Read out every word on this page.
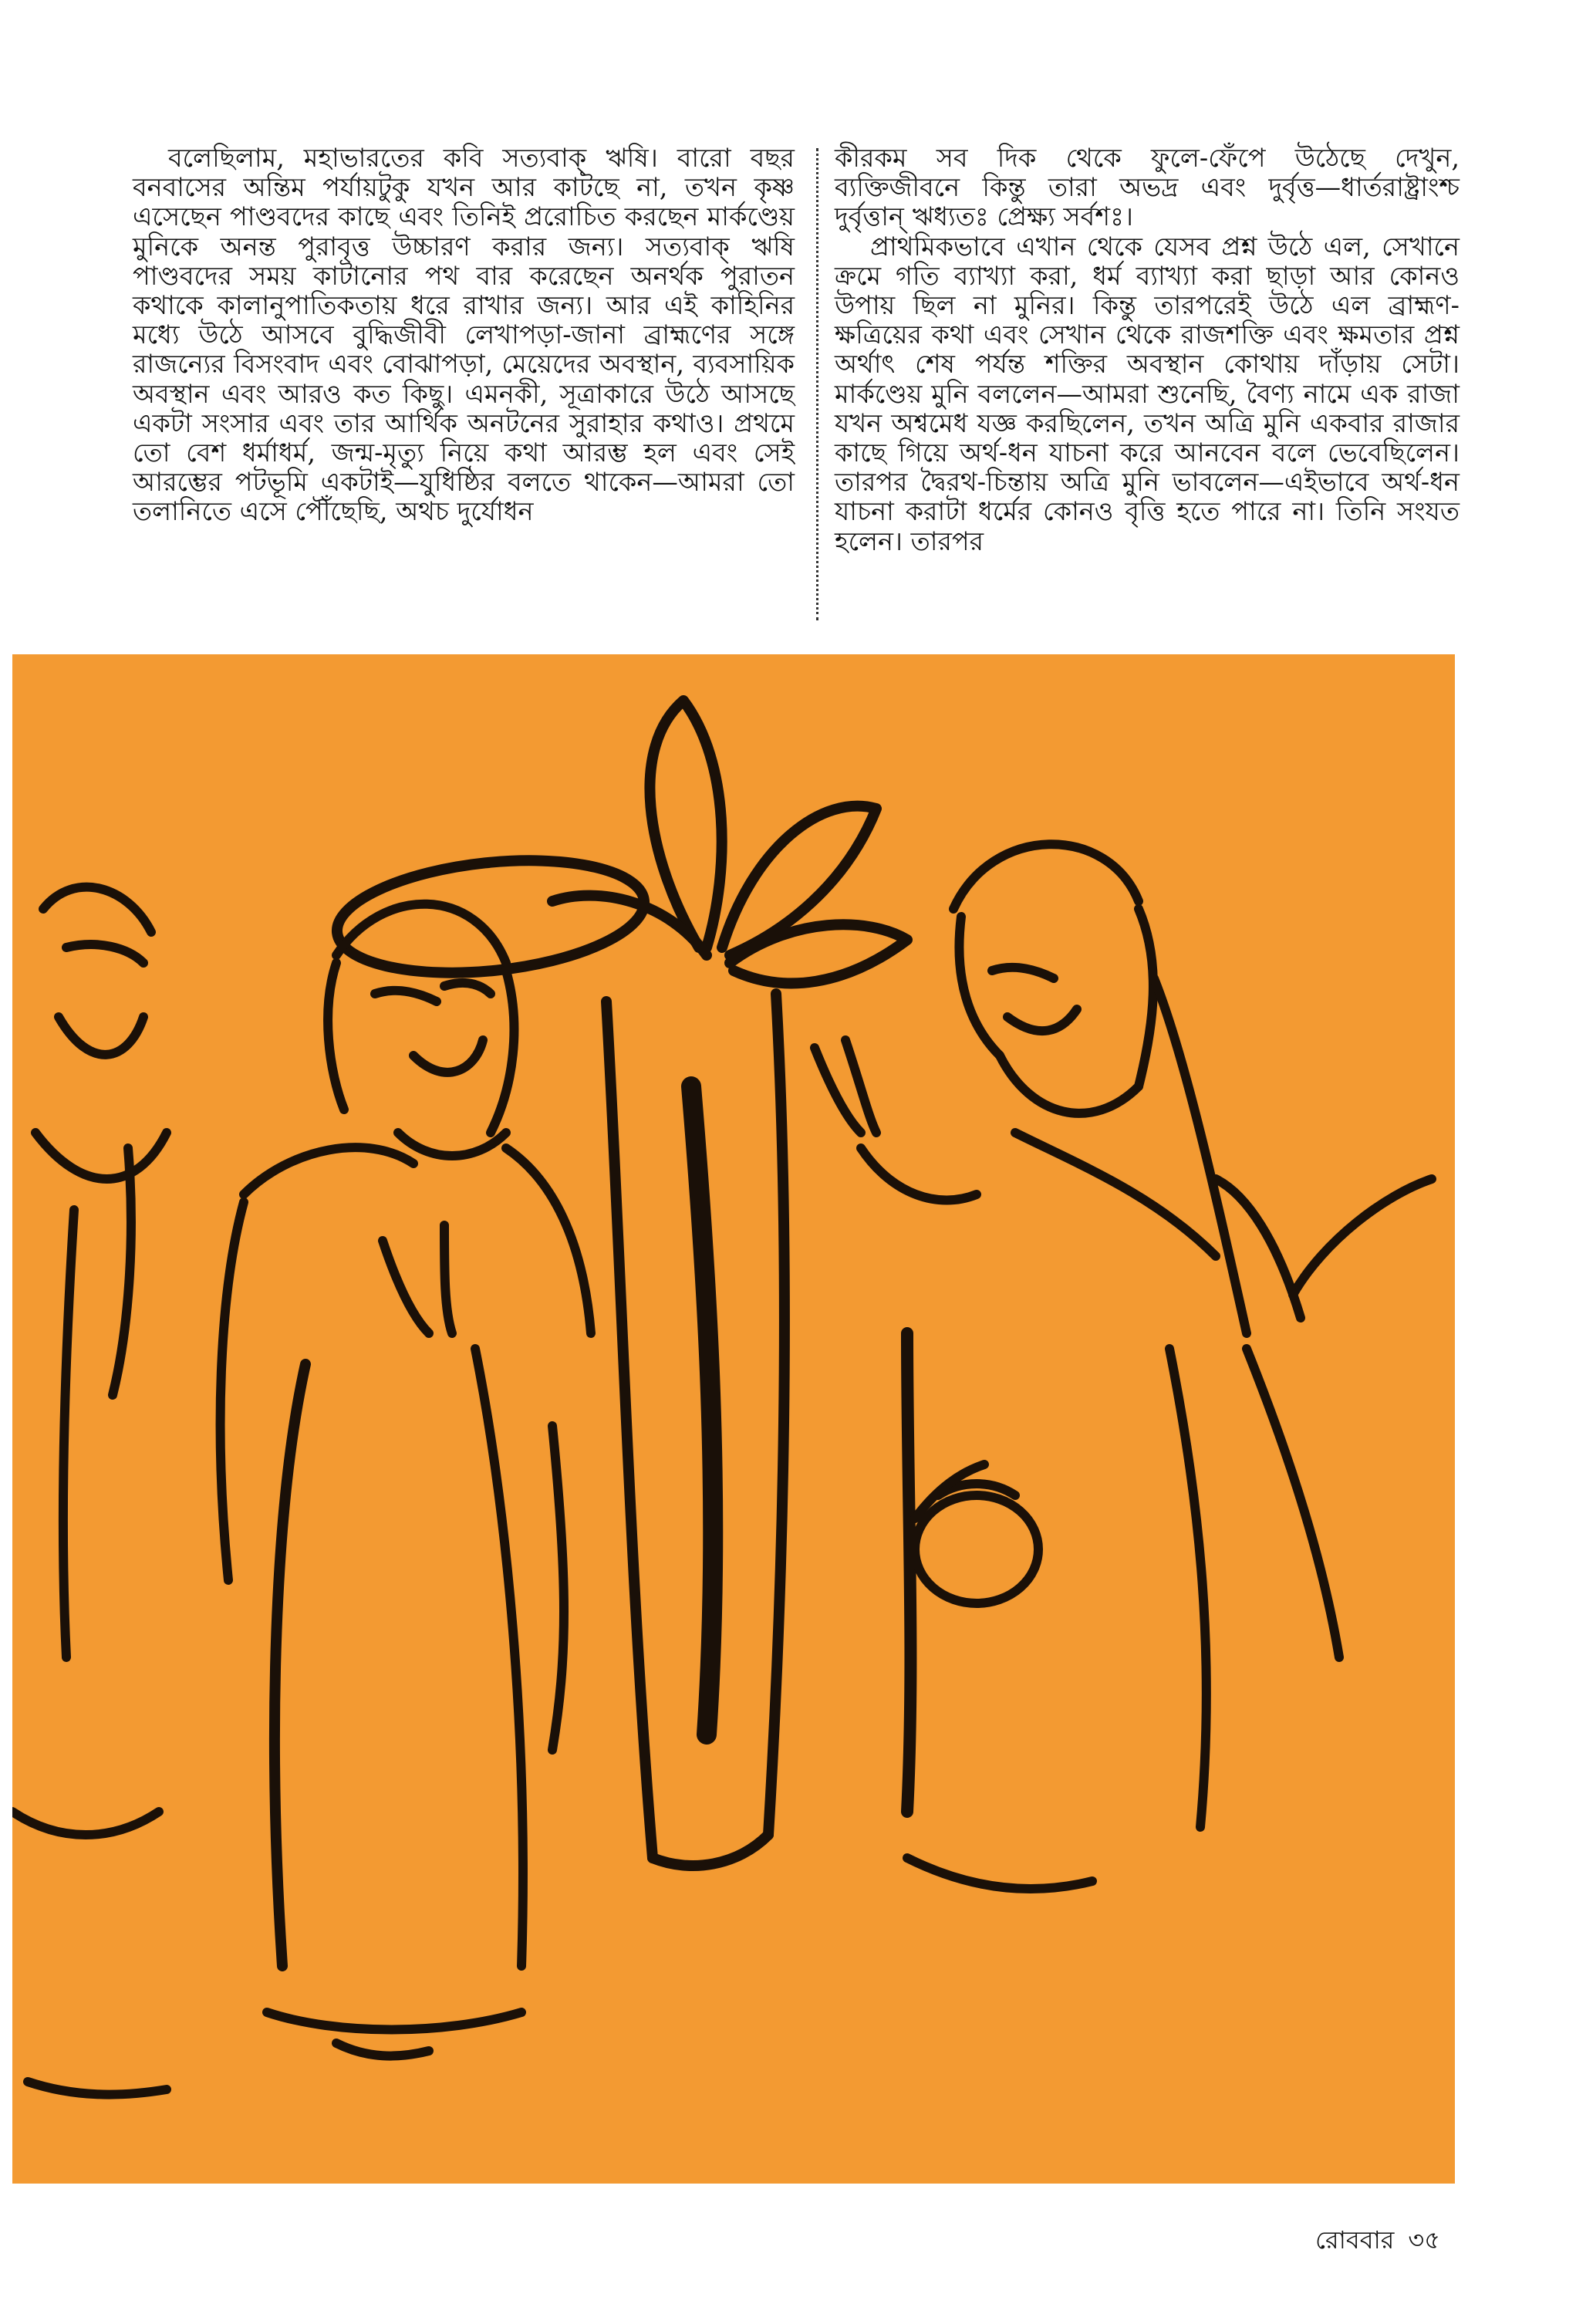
বলেছিলাম, মহাভারতের কবি সত্যবাক্ ঋষি। বারো বছর বনবাসের অন্তিম পর্যায়টুকু যখন আর কাটছে না, তখন কৃষ্ণ এসেছেন পাণ্ডবদের কাছে এবং তিনিই প্ররোচিত করছেন মার্কণ্ডেয় মুনিকে অনন্ত পুরাবৃত্ত উচ্চারণ করার জন্য। সত্যবাক্ ঋষি পাণ্ডবদের সময় কাটানোর পথ বার করেছেন অনর্থক পুরাতন কথাকে কালানুপাতিকতায় ধরে রাখার জন্য। আর এই কাহিনির মধ্যে উঠে আসবে বুদ্ধিজীবী লেখাপড়া-জানা ব্রাহ্মণের সঙ্গে রাজন্যের বিসংবাদ এবং বোঝাপড়া, মেয়েদের অবস্থান, ব্যবসায়িক অবস্থান এবং আরও কত কিছু। এমনকী, সূত্রাকারে উঠে আসছে একটা সংসার এবং তার আর্থিক অনটনের সুরাহার কথাও। প্রথমে তো বেশ ধর্মাধর্ম, জন্ম-মৃত্যু নিয়ে কথা আরম্ভ হল এবং সেই আরম্ভের পটভূমি একটাই—যুধিষ্ঠির বলতে থাকেন—আমরা তো তলানিতে এসে পৌঁছেছি, অথচ দুর্যোধন

কীরকম সব দিক থেকে ফুলে-ফেঁপে উঠেছে দেখুন, ব্যক্তিজীবনে কিন্তু তারা অভদ্র এবং দুর্বৃত্ত—ধার্তরাষ্ট্রাংশ্চ দুর্বৃত্তান্ ঋধ্যতঃ প্রেক্ষ্য সর্বশঃ।

প্রাথমিকভাবে এখান থেকে যেসব প্রশ্ন উঠে এল, সেখানে ক্রমে গতি ব্যাখ্যা করা, ধর্ম ব্যাখ্যা করা ছাড়া আর কোনও উপায় ছিল না মুনির। কিন্তু তারপরেই উঠে এল ব্রাহ্মণ-ক্ষত্রিয়ের কথা এবং সেখান থেকে রাজশক্তি এবং ক্ষমতার প্রশ্ন অর্থাৎ শেষ পর্যন্ত শক্তির অবস্থান কোথায় দাঁড়ায় সেটা। মার্কণ্ডেয় মুনি বললেন—আমরা শুনেছি, বৈণ্য নামে এক রাজা যখন অশ্বমেধ যজ্ঞ করছিলেন, তখন অত্রি মুনি একবার রাজার কাছে গিয়ে অর্থ-ধন যাচনা করে আনবেন বলে ভেবেছিলেন। তারপর দ্বৈরথ-চিন্তায় অত্রি মুনি ভাবলেন—এইভাবে অর্থ-ধন যাচনা করাটা ধর্মের কোনও বৃত্তি হতে পারে না। তিনি সংযত হলেন। তারপর

রোববার ৩৫
